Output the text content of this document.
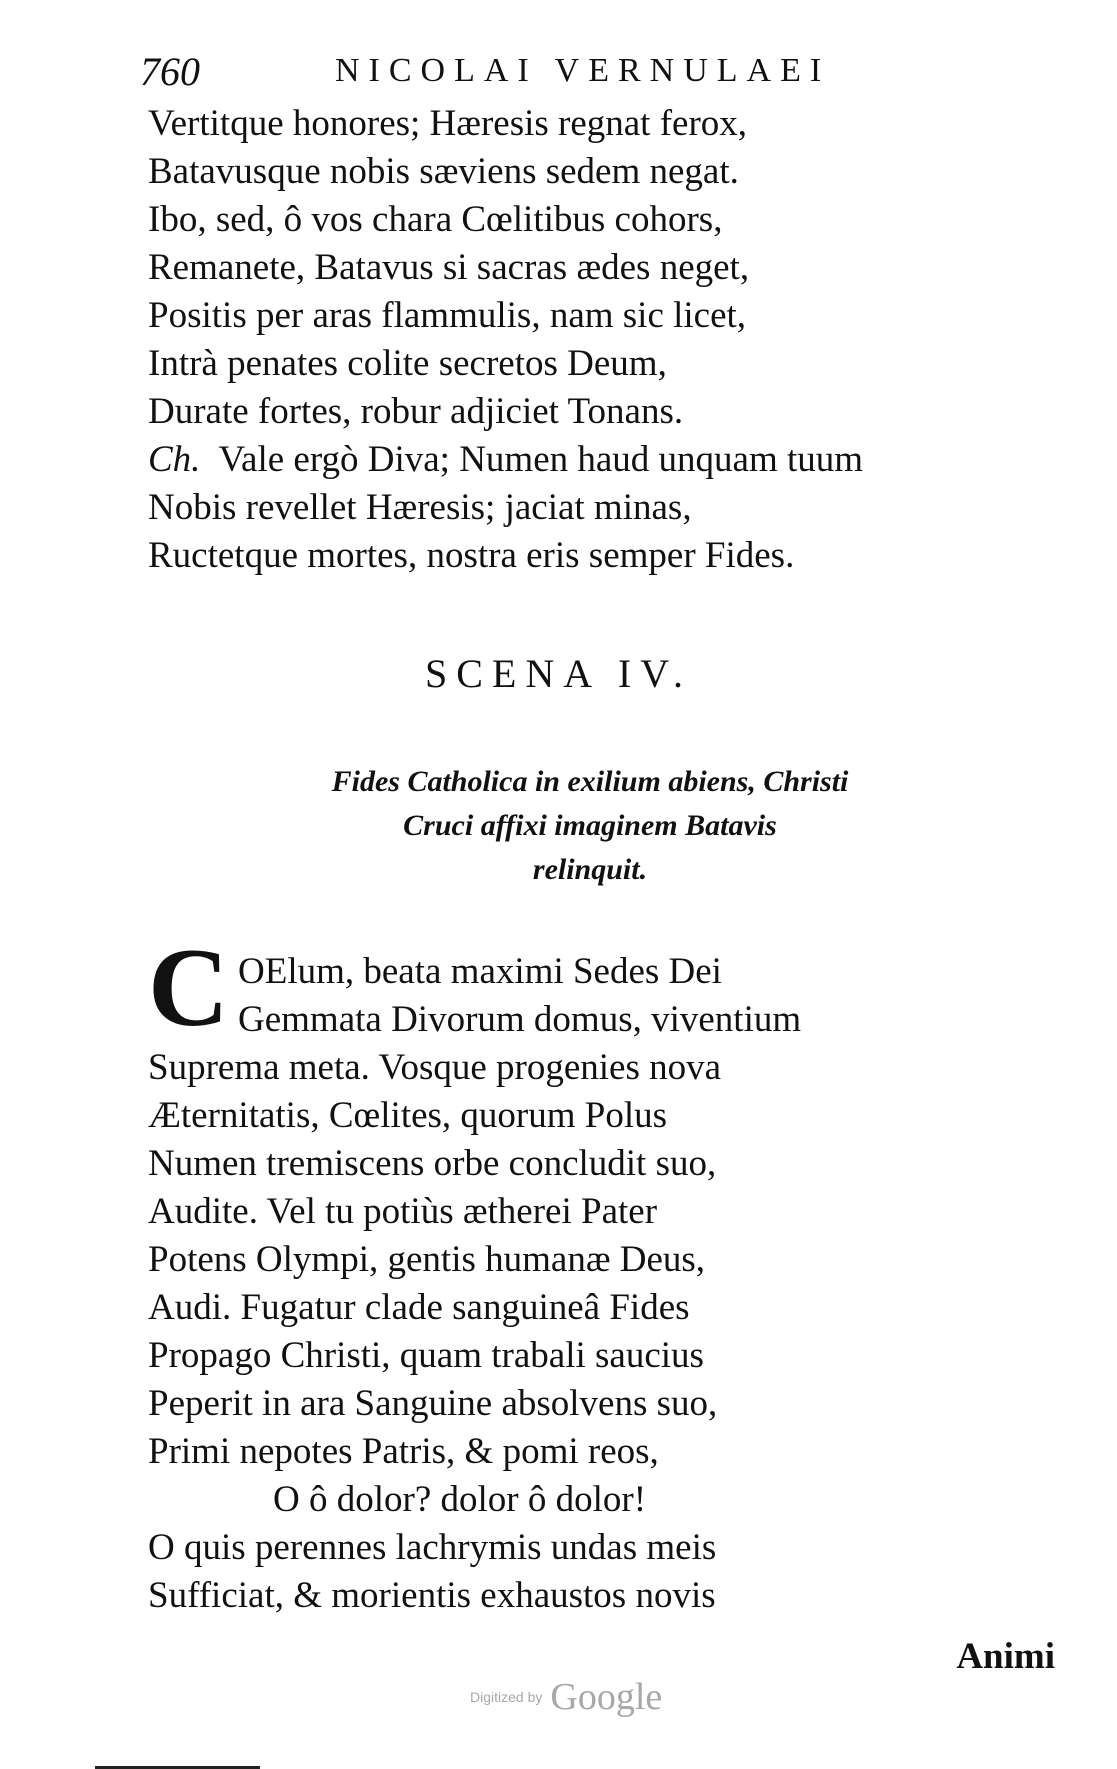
760	NICOLAI VERNULAEI
Vertitque honores; Hæresis regnat ferox,
Batavusque nobis sæviens sedem negat.
Ibo, sed, ô vos chara Cœlitibus cohors,
Remanete, Batavus si sacras ædes neget,
Positis per aras flammulis, nam sic licet,
Intrà penates colite secretos Deum,
Durate fortes, robur adjiciet Tonans.
Ch. Vale ergò Diva; Numen haud unquam tuum
Nobis revellet Hæresis; jaciat minas,
Ructetque mortes, nostra eris semper Fides.
SCENA IV.
Fides Catholica in exilium abiens, Christi
Cruci affixi imaginem Batavis
relinquit.
C OElum, beata maximi Sedes Dei
Gemmata Divorum domus, viventium
Suprema meta. Vosque progenies nova
Æternitatis, Cœlites, quorum Polus
Numen tremiscens orbe concludit suo,
Audite. Vel tu potiùs ætherei Pater
Potens Olympi, gentis humanæ Deus,
Audi. Fugatur clade sanguineâ Fides
Propago Christi, quam trabali saucius
Peperit in ara Sanguine absolvens suo,
Primi nepotes Patris, & pomi reos,
O ô dolor? dolor ô dolor!
O quis perennes lachrymis undas meis
Sufficiat, & morientis exhaustos novis
Animi
Digitized by Google
